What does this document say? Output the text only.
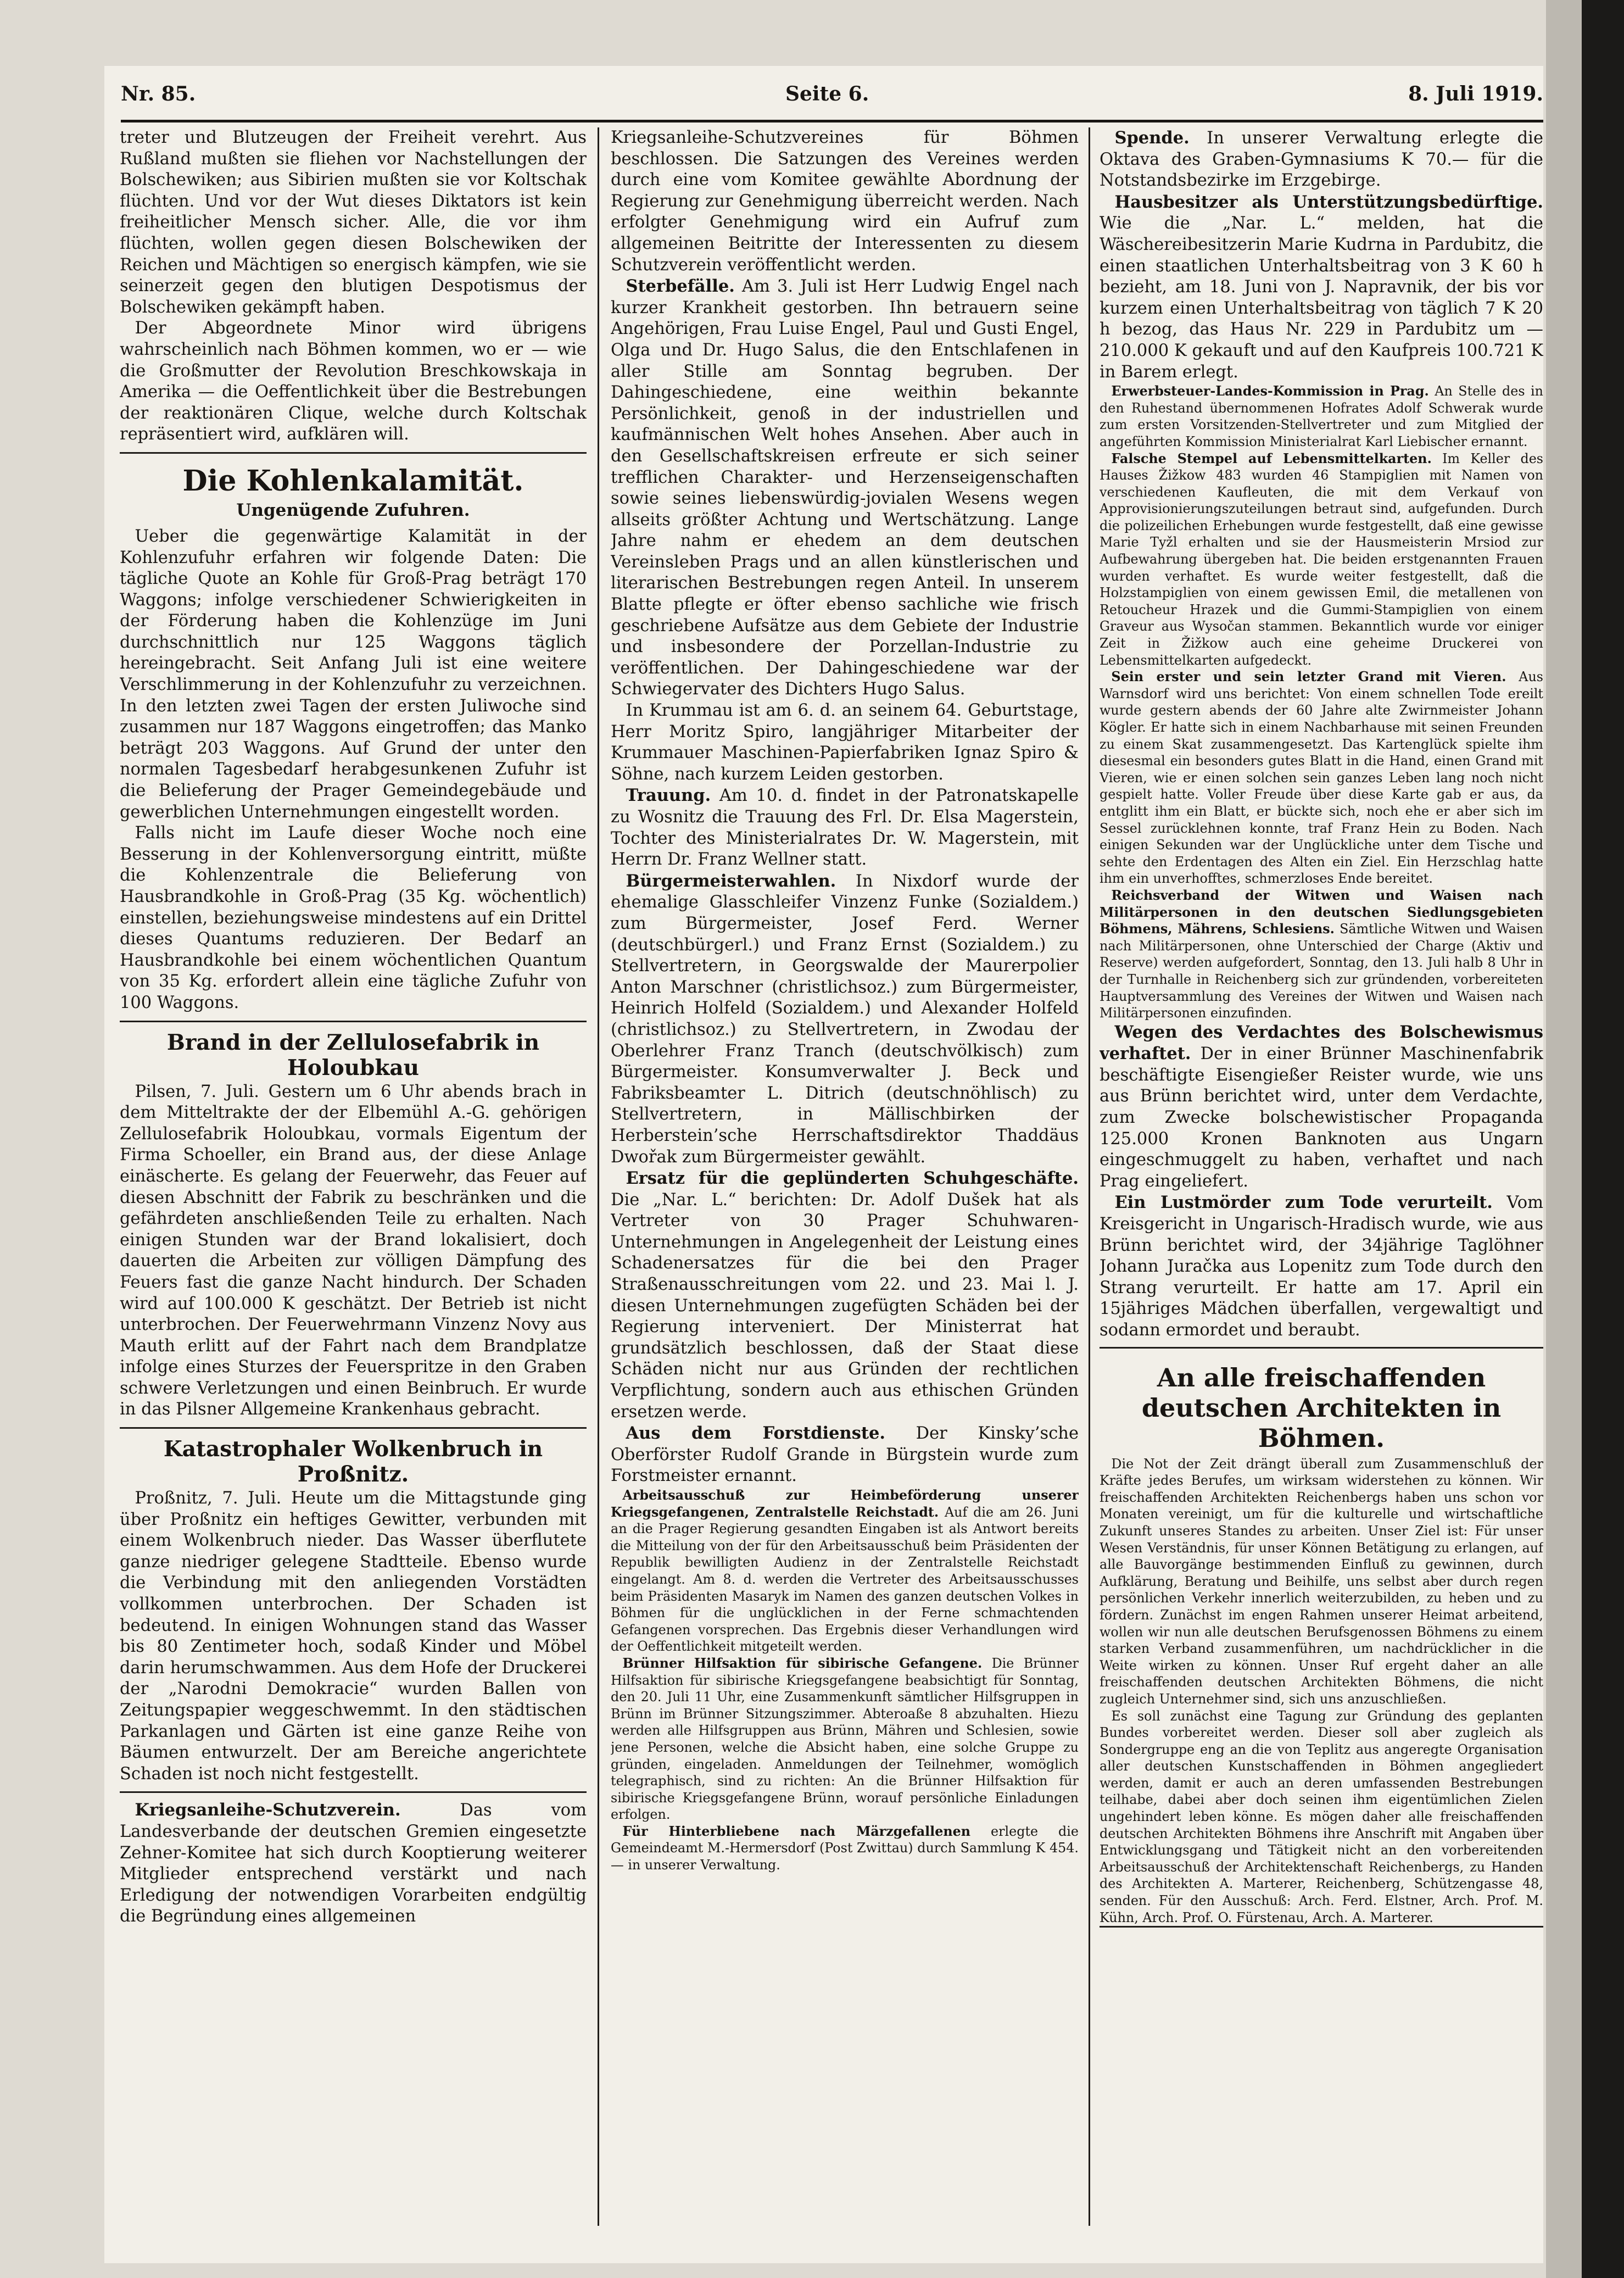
Nr. 85.	Seite 6.	8. Juli 1919.

treter und Blutzeugen der Freiheit verehrt. Aus Rußland mußten sie fliehen vor Nachstellungen der Bolschewiken; aus Sibirien mußten sie vor Koltschak flüchten. Und vor der Wut dieses Diktators ist kein freiheitlicher Mensch sicher. Alle, die vor ihm flüchten, wollen gegen diesen Bolschewiken der Reichen und Mächtigen so energisch kämpfen, wie sie seinerzeit gegen den blutigen Despotismus der Bolschewiken gekämpft haben.

Der Abgeordnete Minor wird übrigens wahrscheinlich nach Böhmen kommen, wo er — wie die Großmutter der Revolution Breschkowskaja in Amerika — die Oeffentlichkeit über die Bestrebungen der reaktionären Clique, welche durch Koltschak repräsentiert wird, aufklären will.

Die Kohlenkalamität.
Ungenügende Zufuhren.

Ueber die gegenwärtige Kalamität in der Kohlenzufuhr erfahren wir folgende Daten: Die tägliche Quote an Kohle für Groß-Prag beträgt 170 Waggons; infolge verschiedener Schwierigkeiten in der Förderung haben die Kohlenzüge im Juni durchschnittlich nur 125 Waggons täglich hereingebracht. Seit Anfang Juli ist eine weitere Verschlimmerung in der Kohlenzufuhr zu verzeichnen. In den letzten zwei Tagen der ersten Juliwoche sind zusammen nur 187 Waggons eingetroffen; das Manko beträgt 203 Waggons. Auf Grund der unter den normalen Tagesbedarf herabgesunkenen Zufuhr ist die Belieferung der Prager Gemeindegebäude und gewerblichen Unternehmungen eingestellt worden.

Falls nicht im Laufe dieser Woche noch eine Besserung in der Kohlenversorgung eintritt, müßte die Kohlenzentrale die Belieferung von Hausbrandkohle in Groß-Prag (35 Kg. wöchentlich) einstellen, beziehungsweise mindestens auf ein Drittel dieses Quantums reduzieren. Der Bedarf an Hausbrandkohle bei einem wöchentlichen Quantum von 35 Kg. erfordert allein eine tägliche Zufuhr von 100 Waggons.

Brand in der Zellulosefabrik in Holoubkau

Pilsen, 7. Juli. Gestern um 6 Uhr abends brach in dem Mitteltrakte der der Elbemühl A.-G. gehörigen Zellulosefabrik Holoubkau, vormals Eigentum der Firma Schoeller, ein Brand aus, der diese Anlage einäscherte. Es gelang der Feuerwehr, das Feuer auf diesen Abschnitt der Fabrik zu beschränken und die gefährdeten anschließenden Teile zu erhalten. Nach einigen Stunden war der Brand lokalisiert, doch dauerten die Arbeiten zur völligen Dämpfung des Feuers fast die ganze Nacht hindurch. Der Schaden wird auf 100.000 K geschätzt. Der Betrieb ist nicht unterbrochen. Der Feuerwehrmann Vinzenz Novy aus Mauth erlitt auf der Fahrt nach dem Brandplatze infolge eines Sturzes der Feuerspritze in den Graben schwere Verletzungen und einen Beinbruch. Er wurde in das Pilsner Allgemeine Krankenhaus gebracht.

Katastrophaler Wolkenbruch in Proßnitz.

Proßnitz, 7. Juli. Heute um die Mittagstunde ging über Proßnitz ein heftiges Gewitter, verbunden mit einem Wolkenbruch nieder. Das Wasser überflutete ganze niedriger gelegene Stadtteile. Ebenso wurde die Verbindung mit den anliegenden Vorstädten vollkommen unterbrochen. Der Schaden ist bedeutend. In einigen Wohnungen stand das Wasser bis 80 Zentimeter hoch, sodaß Kinder und Möbel darin herumschwammen. Aus dem Hofe der Druckerei der „Narodni Demokracie“ wurden Ballen von Zeitungspapier weggeschwemmt. In den städtischen Parkanlagen und Gärten ist eine ganze Reihe von Bäumen entwurzelt. Der am Bereiche angerichtete Schaden ist noch nicht festgestellt.

Kriegsanleihe-Schutzverein. Das vom Landesverbande der deutschen Gremien eingesetzte Zehner-Komitee hat sich durch Kooptierung weiterer Mitglieder entsprechend verstärkt und nach Erledigung der notwendigen Vorarbeiten endgültig die Begründung eines allgemeinen

Kriegsanleihe-Schutzvereines für Böhmen beschlossen. Die Satzungen des Vereines werden durch eine vom Komitee gewählte Abordnung der Regierung zur Genehmigung überreicht werden. Nach erfolgter Genehmigung wird ein Aufruf zum allgemeinen Beitritte der Interessenten zu diesem Schutzverein veröffentlicht werden.

Sterbefälle. Am 3. Juli ist Herr Ludwig Engel nach kurzer Krankheit gestorben. Ihn betrauern seine Angehörigen, Frau Luise Engel, Paul und Gusti Engel, Olga und Dr. Hugo Salus, die den Entschlafenen in aller Stille am Sonntag begruben. Der Dahingeschiedene, eine weithin bekannte Persönlichkeit, genoß in der industriellen und kaufmännischen Welt hohes Ansehen. Aber auch in den Gesellschaftskreisen erfreute er sich seiner trefflichen Charakter- und Herzenseigenschaften sowie seines liebenswürdig-jovialen Wesens wegen allseits größter Achtung und Wertschätzung. Lange Jahre nahm er ehedem an dem deutschen Vereinsleben Prags und an allen künstlerischen und literarischen Bestrebungen regen Anteil. In unserem Blatte pflegte er öfter ebenso sachliche wie frisch geschriebene Aufsätze aus dem Gebiete der Industrie und insbesondere der Porzellan-Industrie zu veröffentlichen. Der Dahingeschiedene war der Schwiegervater des Dichters Hugo Salus.

In Krummau ist am 6. d. an seinem 64. Geburtstage, Herr Moritz Spiro, langjähriger Mitarbeiter der Krummauer Maschinen-Papierfabriken Ignaz Spiro & Söhne, nach kurzem Leiden gestorben.

Trauung. Am 10. d. findet in der Patronatskapelle zu Wosnitz die Trauung des Frl. Dr. Elsa Magerstein, Tochter des Ministerialrates Dr. W. Magerstein, mit Herrn Dr. Franz Wellner statt.

Bürgermeisterwahlen. In Nixdorf wurde der ehemalige Glasschleifer Vinzenz Funke (Sozialdem.) zum Bürgermeister, Josef Ferd. Werner (deutschbürgerl.) und Franz Ernst (Sozialdem.) zu Stellvertretern, in Georgswalde der Maurerpolier Anton Marschner (christlichsoz.) zum Bürgermeister, Heinrich Holfeld (Sozialdem.) und Alexander Holfeld (christlichsoz.) zu Stellvertretern, in Zwodau der Oberlehrer Franz Tranch (deutschvölkisch) zum Bürgermeister. Konsumverwalter J. Beck und Fabriksbeamter L. Ditrich (deutschnöhlisch) zu Stellvertretern, in Mällischbirken der Herberstein’sche Herrschaftsdirektor Thaddäus Dwořak zum Bürgermeister gewählt.

Ersatz für die geplünderten Schuhgeschäfte. Die „Nar. L.“ berichten: Dr. Adolf Dušek hat als Vertreter von 30 Prager Schuhwaren-Unternehmungen in Angelegenheit der Leistung eines Schadenersatzes für die bei den Prager Straßenausschreitungen vom 22. und 23. Mai l. J. diesen Unternehmungen zugefügten Schäden bei der Regierung interveniert. Der Ministerrat hat grundsätzlich beschlossen, daß der Staat diese Schäden nicht nur aus Gründen der rechtlichen Verpflichtung, sondern auch aus ethischen Gründen ersetzen werde.

Aus dem Forstdienste. Der Kinsky’sche Oberförster Rudolf Grande in Bürgstein wurde zum Forstmeister ernannt.

Arbeitsausschuß zur Heimbeförderung unserer Kriegsgefangenen, Zentralstelle Reichstadt. Auf die am 26. Juni an die Prager Regierung gesandten Eingaben ist als Antwort bereits die Mitteilung von der für den Arbeitsausschuß beim Präsidenten der Republik bewilligten Audienz in der Zentralstelle Reichstadt eingelangt. Am 8. d. werden die Vertreter des Arbeitsausschusses beim Präsidenten Masaryk im Namen des ganzen deutschen Volkes in Böhmen für die unglücklichen in der Ferne schmachtenden Gefangenen vorsprechen. Das Ergebnis dieser Verhandlungen wird der Oeffentlichkeit mitgeteilt werden.

Brünner Hilfsaktion für sibirische Gefangene. Die Brünner Hilfsaktion für sibirische Kriegsgefangene beabsichtigt für Sonntag, den 20. Juli 11 Uhr, eine Zusammenkunft sämtlicher Hilfsgruppen in Brünn im Brünner Sitzungszimmer. Abteroaße 8 abzuhalten. Hiezu werden alle Hilfsgruppen aus Brünn, Mähren und Schlesien, sowie jene Personen, welche die Absicht haben, eine solche Gruppe zu gründen, eingeladen. Anmeldungen der Teilnehmer, womöglich telegraphisch, sind zu richten: An die Brünner Hilfsaktion für sibirische Kriegsgefangene Brünn, worauf persönliche Einladungen erfolgen.

Für Hinterbliebene nach Märzgefallenen erlegte die Gemeindeamt M.-Hermersdorf (Post Zwittau) durch Sammlung K 454.— in unserer Verwaltung.

Spende. In unserer Verwaltung erlegte die Oktava des Graben-Gymnasiums K 70.— für die Notstandsbezirke im Erzgebirge.

Hausbesitzer als Unterstützungsbedürftige. Wie die „Nar. L.“ melden, hat die Wäschereibesitzerin Marie Kudrna in Pardubitz, die einen staatlichen Unterhaltsbeitrag von 3 K 60 h bezieht, am 18. Juni von J. Napravnik, der bis vor kurzem einen Unterhaltsbeitrag von täglich 7 K 20 h bezog, das Haus Nr. 229 in Pardubitz um — 210.000 K gekauft und auf den Kaufpreis 100.721 K in Barem erlegt.

Erwerbsteuer-Landes-Kommission in Prag. An Stelle des in den Ruhestand übernommenen Hofrates Adolf Schwerak wurde zum ersten Vorsitzenden-Stellvertreter und zum Mitglied der angeführten Kommission Ministerialrat Karl Liebischer ernannt.

Falsche Stempel auf Lebensmittelkarten. Im Keller des Hauses Žižkow 483 wurden 46 Stampiglien mit Namen von verschiedenen Kaufleuten, die mit dem Verkauf von Approvisionierungszuteilungen betraut sind, aufgefunden. Durch die polizeilichen Erhebungen wurde festgestellt, daß eine gewisse Marie Tyžl erhalten und sie der Hausmeisterin Mrsiod zur Aufbewahrung übergeben hat. Die beiden erstgenannten Frauen wurden verhaftet. Es wurde weiter festgestellt, daß die Holzstampiglien von einem gewissen Emil, die metallenen von Retoucheur Hrazek und die Gummi-Stampiglien von einem Graveur aus Wysočan stammen. Bekanntlich wurde vor einiger Zeit in Žižkow auch eine geheime Druckerei von Lebensmittelkarten aufgedeckt.

Sein erster und sein letzter Grand mit Vieren. Aus Warnsdorf wird uns berichtet: Von einem schnellen Tode ereilt wurde gestern abends der 60 Jahre alte Zwirnmeister Johann Kögler. Er hatte sich in einem Nachbarhause mit seinen Freunden zu einem Skat zusammengesetzt. Das Kartenglück spielte ihm diesesmal ein besonders gutes Blatt in die Hand, einen Grand mit Vieren, wie er einen solchen sein ganzes Leben lang noch nicht gespielt hatte. Voller Freude über diese Karte gab er aus, da entglitt ihm ein Blatt, er bückte sich, noch ehe er aber sich im Sessel zurücklehnen konnte, traf Franz Hein zu Boden. Nach einigen Sekunden war der Unglückliche unter dem Tische und sehte den Erdentagen des Alten ein Ziel. Ein Herzschlag hatte ihm ein unverhofftes, schmerzloses Ende bereitet.

Reichsverband der Witwen und Waisen nach Militärpersonen in den deutschen Siedlungsgebieten Böhmens, Mährens, Schlesiens. Sämtliche Witwen und Waisen nach Militärpersonen, ohne Unterschied der Charge (Aktiv und Reserve) werden aufgefordert, Sonntag, den 13. Juli halb 8 Uhr in der Turnhalle in Reichenberg sich zur gründenden, vorbereiteten Hauptversammlung des Vereines der Witwen und Waisen nach Militärpersonen einzufinden.

Wegen des Verdachtes des Bolschewismus verhaftet. Der in einer Brünner Maschinenfabrik beschäftigte Eisengießer Reister wurde, wie uns aus Brünn berichtet wird, unter dem Verdachte, zum Zwecke bolschewistischer Propaganda 125.000 Kronen Banknoten aus Ungarn eingeschmuggelt zu haben, verhaftet und nach Prag eingeliefert.

Ein Lustmörder zum Tode verurteilt. Vom Kreisgericht in Ungarisch-Hradisch wurde, wie aus Brünn berichtet wird, der 34jährige Taglöhner Johann Juračka aus Lopenitz zum Tode durch den Strang verurteilt. Er hatte am 17. April ein 15jähriges Mädchen überfallen, vergewaltigt und sodann ermordet und beraubt.

An alle freischaffenden deutschen Architekten in Böhmen.

Die Not der Zeit drängt überall zum Zusammenschluß der Kräfte jedes Berufes, um wirksam widerstehen zu können. Wir freischaffenden Architekten Reichenbergs haben uns schon vor Monaten vereinigt, um für die kulturelle und wirtschaftliche Zukunft unseres Standes zu arbeiten. Unser Ziel ist: Für unser Wesen Verständnis, für unser Können Betätigung zu erlangen, auf alle Bauvorgänge bestimmenden Einfluß zu gewinnen, durch Aufklärung, Beratung und Beihilfe, uns selbst aber durch regen persönlichen Verkehr innerlich weiterzubilden, zu heben und zu fördern. Zunächst im engen Rahmen unserer Heimat arbeitend, wollen wir nun alle deutschen Berufsgenossen Böhmens zu einem starken Verband zusammenführen, um nachdrücklicher in die Weite wirken zu können. Unser Ruf ergeht daher an alle freischaffenden deutschen Architekten Böhmens, die nicht zugleich Unternehmer sind, sich uns anzuschließen.

Es soll zunächst eine Tagung zur Gründung des geplanten Bundes vorbereitet werden. Dieser soll aber zugleich als Sondergruppe eng an die von Teplitz aus angeregte Organisation aller deutschen Kunstschaffenden in Böhmen angegliedert werden, damit er auch an deren umfassenden Bestrebungen teilhabe, dabei aber doch seinen ihm eigentümlichen Zielen ungehindert leben könne. Es mögen daher alle freischaffenden deutschen Architekten Böhmens ihre Anschrift mit Angaben über Entwicklungsgang und Tätigkeit nicht an den vorbereitenden Arbeitsausschuß der Architektenschaft Reichenbergs, zu Handen des Architekten A. Marterer, Reichenberg, Schützengasse 48, senden. Für den Ausschuß: Arch. Ferd. Elstner, Arch. Prof. M. Kühn, Arch. Prof. O. Fürstenau, Arch. A. Marterer.
